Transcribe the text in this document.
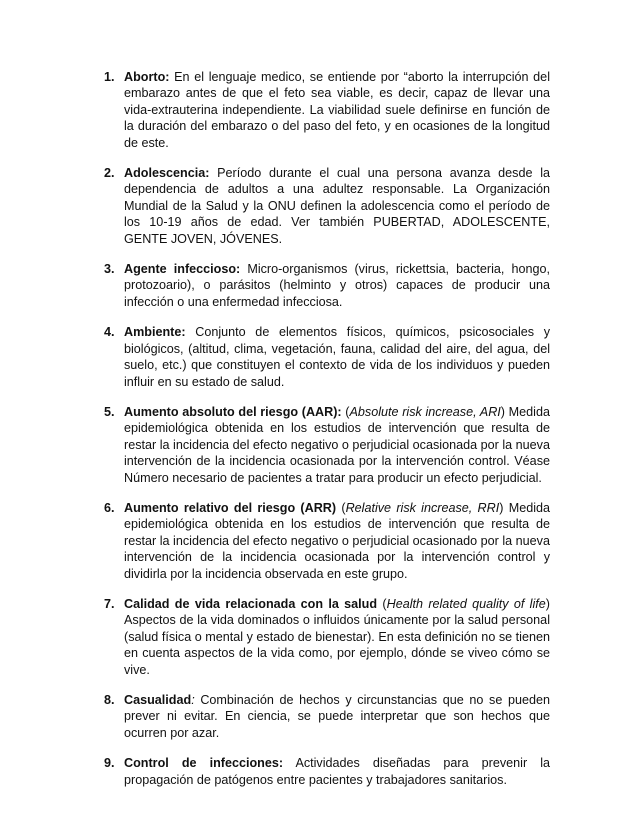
1. Aborto: En el lenguaje medico, se entiende por “aborto la interrupción del embarazo antes de que el feto sea viable, es decir, capaz de llevar una vida-extrauterina independiente. La viabilidad suele definirse en función de la duración del embarazo o del paso del feto, y en ocasiones de la longitud de este.
2. Adolescencia: Período durante el cual una persona avanza desde la dependencia de adultos a una adultez responsable. La Organización Mundial de la Salud y la ONU definen la adolescencia como el período de los 10-19 años de edad. Ver también PUBERTAD, ADOLESCENTE, GENTE JOVEN, JÓVENES.
3. Agente infeccioso: Micro-organismos (virus, rickettsia, bacteria, hongo, protozoario), o parásitos (helminto y otros) capaces de producir una infección o una enfermedad infecciosa.
4. Ambiente: Conjunto de elementos físicos, químicos, psicosociales y biológicos, (altitud, clima, vegetación, fauna, calidad del aire, del agua, del suelo, etc.) que constituyen el contexto de vida de los individuos y pueden influir en su estado de salud.
5. Aumento absoluto del riesgo (AAR): (Absolute risk increase, ARI) Medida epidemiológica obtenida en los estudios de intervención que resulta de restar la incidencia del efecto negativo o perjudicial ocasionada por la nueva intervención de la incidencia ocasionada por la intervención control. Véase Número necesario de pacientes a tratar para producir un efecto perjudicial.
6. Aumento relativo del riesgo (ARR) (Relative risk increase, RRI) Medida epidemiológica obtenida en los estudios de intervención que resulta de restar la incidencia del efecto negativo o perjudicial ocasionado por la nueva intervención de la incidencia ocasionada por la intervención control y dividirla por la incidencia observada en este grupo.
7. Calidad de vida relacionada con la salud (Health related quality of life) Aspectos de la vida dominados o influidos únicamente por la salud personal (salud física o mental y estado de bienestar). En esta definición no se tienen en cuenta aspectos de la vida como, por ejemplo, dónde se viveo cómo se vive.
8. Casualidad: Combinación de hechos y circunstancias que no se pueden prever ni evitar. En ciencia, se puede interpretar que son hechos que ocurren por azar.
9. Control de infecciones: Actividades diseñadas para prevenir la propagación de patógenos entre pacientes y trabajadores sanitarios.
